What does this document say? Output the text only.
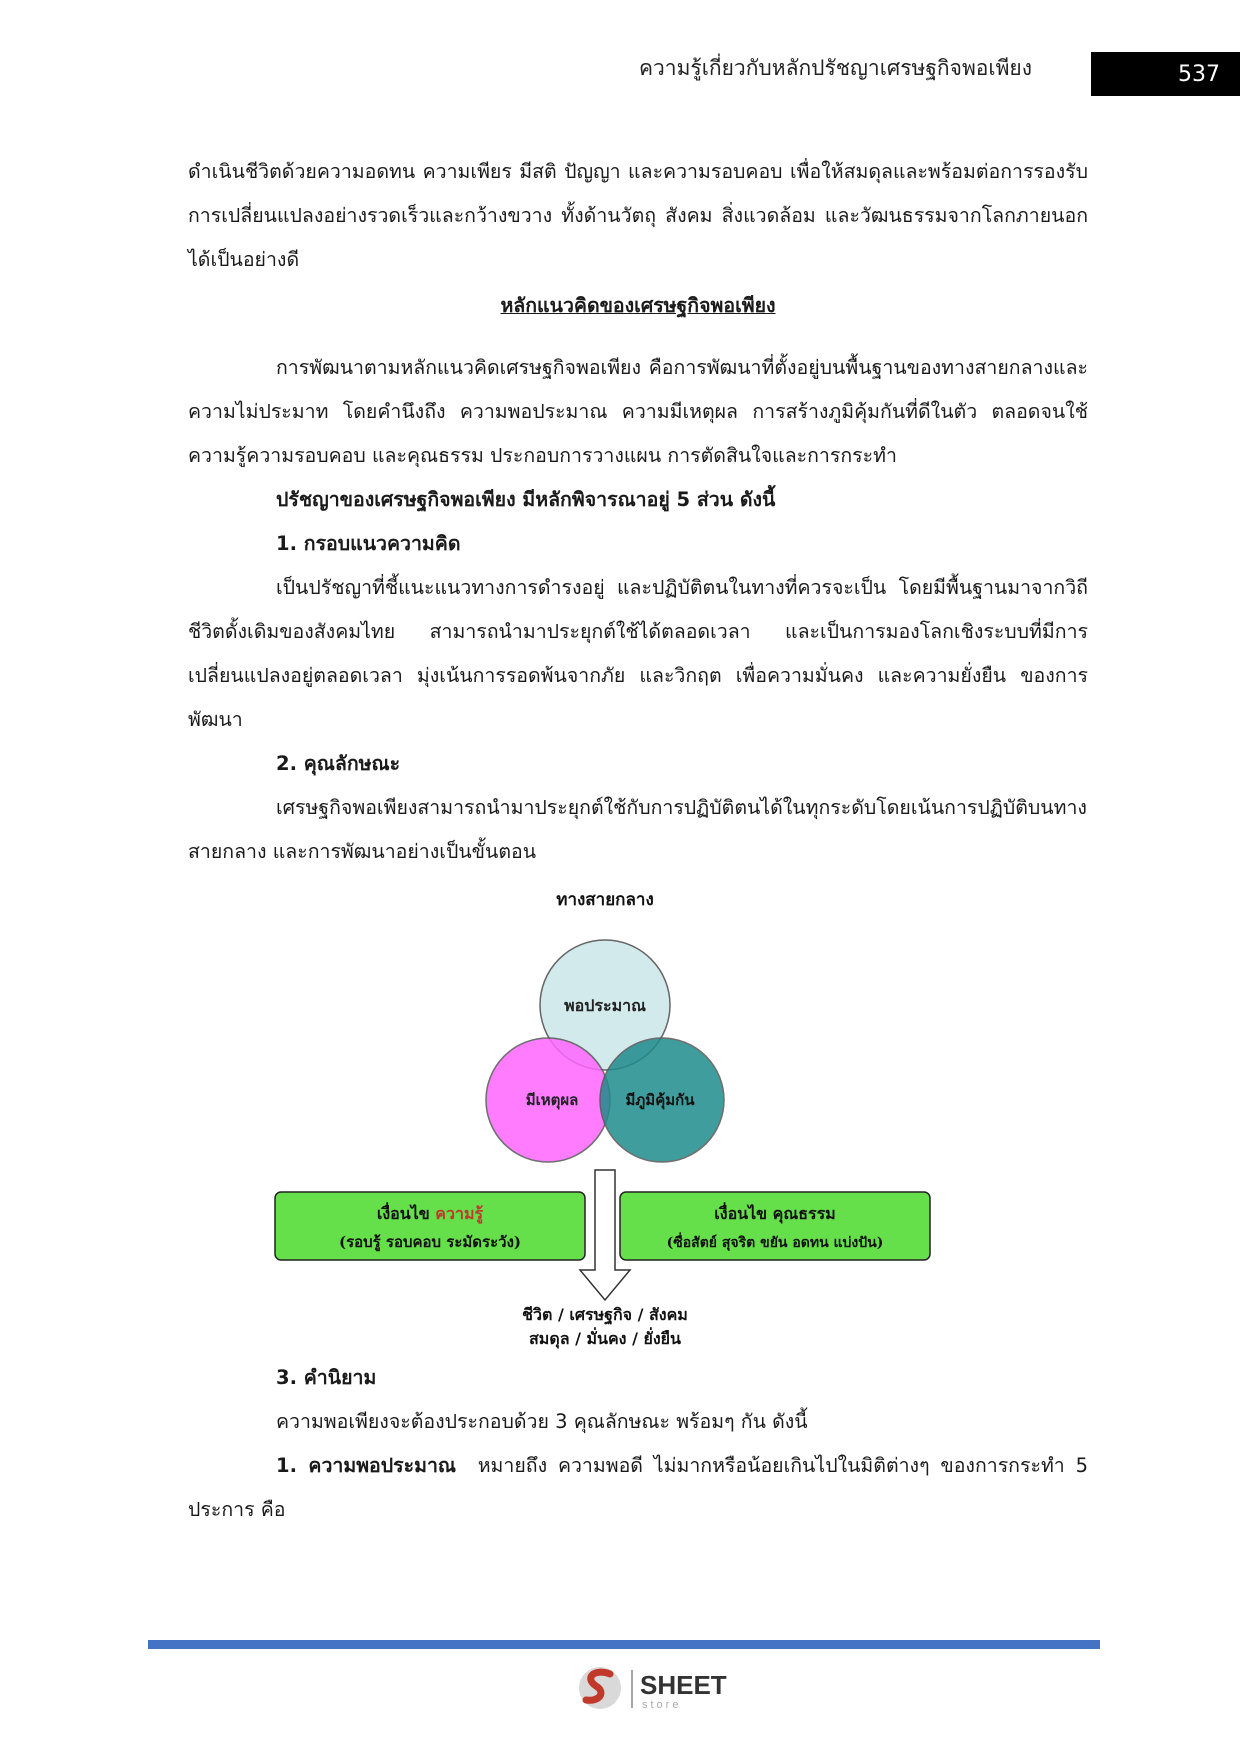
ความรู้เกี่ยวกับหลักปรัชญาเศรษฐกิจพอเพียง	537

ดำเนินชีวิตด้วยความอดทน ความเพียร มีสติ ปัญญา และความรอบคอบ เพื่อให้สมดุลและพร้อมต่อการรองรับการเปลี่ยนแปลงอย่างรวดเร็วและกว้างขวาง ทั้งด้านวัตถุ สังคม สิ่งแวดล้อม และวัฒนธรรมจากโลกภายนอกได้เป็นอย่างดี

หลักแนวคิดของเศรษฐกิจพอเพียง

การพัฒนาตามหลักแนวคิดเศรษฐกิจพอเพียง คือการพัฒนาที่ตั้งอยู่บนพื้นฐานของทางสายกลางและความไม่ประมาท โดยคำนึงถึง ความพอประมาณ ความมีเหตุผล การสร้างภูมิคุ้มกันที่ดีในตัว ตลอดจนใช้ความรู้ความรอบคอบ และคุณธรรม ประกอบการวางแผน การตัดสินใจและการกระทำ

ปรัชญาของเศรษฐกิจพอเพียง มีหลักพิจารณาอยู่ 5 ส่วน ดังนี้

1. กรอบแนวความคิด

เป็นปรัชญาที่ชี้แนะแนวทางการดำรงอยู่ และปฏิบัติตนในทางที่ควรจะเป็น โดยมีพื้นฐานมาจากวิถีชีวิตดั้งเดิมของสังคมไทย สามารถนำมาประยุกต์ใช้ได้ตลอดเวลา และเป็นการมองโลกเชิงระบบที่มีการเปลี่ยนแปลงอยู่ตลอดเวลา มุ่งเน้นการรอดพ้นจากภัย และวิกฤต เพื่อความมั่นคง และความยั่งยืน ของการพัฒนา

2. คุณลักษณะ

เศรษฐกิจพอเพียงสามารถนำมาประยุกต์ใช้กับการปฏิบัติตนได้ในทุกระดับโดยเน้นการปฏิบัติบนทางสายกลาง และการพัฒนาอย่างเป็นขั้นตอน

ทางสายกลาง
พอประมาณ
มีเหตุผล	มีภูมิคุ้มกัน
เงื่อนไข ความรู้
(รอบรู้ รอบคอบ ระมัดระวัง)
เงื่อนไข คุณธรรม
(ซื่อสัตย์ สุจริต ขยัน อดทน แบ่งปัน)
ชีวิต / เศรษฐกิจ / สังคม
สมดุล / มั่นคง / ยั่งยืน

3. คำนิยาม

ความพอเพียงจะต้องประกอบด้วย 3 คุณลักษณะ พร้อมๆ กัน ดังนี้

1. ความพอประมาณ หมายถึง ความพอดี ไม่มากหรือน้อยเกินไปในมิติต่างๆ ของการกระทำ 5 ประการ คือ

SHEET
store
